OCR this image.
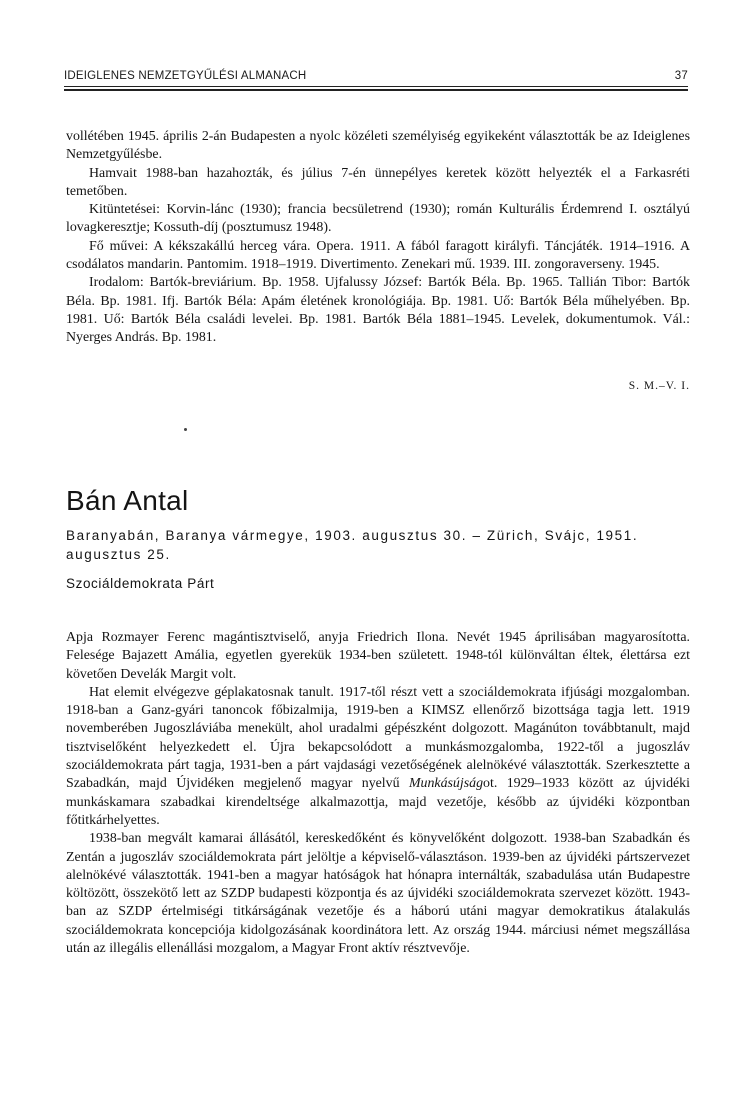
IDEIGLENES NEMZETGYŰLÉSI ALMANACH	37

vollétében 1945. április 2-án Budapesten a nyolc közéleti személyiség egyikeként választották be az Ideiglenes Nemzetgyűlésbe.

Hamvait 1988-ban hazahozták, és július 7-én ünnepélyes keretek között helyezték el a Farkasréti temetőben.

Kitüntetései: Korvin-lánc (1930); francia becsületrend (1930); román Kulturális Érdemrend I. osztályú lovagkeresztje; Kossuth-díj (posztumusz 1948).

Fő művei: A kékszakállú herceg vára. Opera. 1911. A fából faragott királyfi. Táncjáték. 1914–1916. A csodálatos mandarin. Pantomim. 1918–1919. Divertimento. Zenekari mű. 1939. III. zongoraverseny. 1945.

Irodalom: Bartók-breviárium. Bp. 1958. Ujfalussy József: Bartók Béla. Bp. 1965. Tallián Tibor: Bartók Béla. Bp. 1981. Ifj. Bartók Béla: Apám életének kronológiája. Bp. 1981. Uő: Bartók Béla műhelyében. Bp. 1981. Uő: Bartók Béla családi levelei. Bp. 1981. Bartók Béla 1881–1945. Levelek, dokumentumok. Vál.: Nyerges András. Bp. 1981.

S. M.–V. I.
Bán Antal

Baranyabán, Baranya vármegye, 1903. augusztus 30. – Zürich, Svájc, 1951. augusztus 25.

Szociáldemokrata Párt

Apja Rozmayer Ferenc magántisztviselő, anyja Friedrich Ilona. Nevét 1945 áprilisában magyarosította. Felesége Bajazett Amália, egyetlen gyerekük 1934-ben született. 1948-tól különváltan éltek, élettársa ezt követően Develák Margit volt.

Hat elemit elvégezve géplakatosnak tanult. 1917-től részt vett a szociáldemokrata ifjúsági mozgalomban. 1918-ban a Ganz-gyári tanoncok főbizalmija, 1919-ben a KIMSZ ellenőrző bizottsága tagja lett. 1919 novemberében Jugoszláviába menekült, ahol uradalmi gépészként dolgozott. Magánúton továbbtanult, majd tisztviselőként helyezkedett el. Újra bekapcsolódott a munkásmozgalomba, 1922-től a jugoszláv szociáldemokrata párt tagja, 1931-ben a párt vajdasági vezetőségének alelnökévé választották. Szerkesztette a Szabadkán, majd Újvidéken megjelenő magyar nyelvű Munkásújságot. 1929–1933 között az újvidéki munkáskamara szabadkai kirendeltsége alkalmazottja, majd vezetője, később az újvidéki központban főtitkárhelyettes.

1938-ban megvált kamarai állásától, kereskedőként és könyvelőként dolgozott. 1938-ban Szabadkán és Zentán a jugoszláv szociáldemokrata párt jelöltje a képviselő-választáson. 1939-ben az újvidéki pártszervezet alelnökévé választották. 1941-ben a magyar hatóságok hat hónapra internálták, szabadulása után Budapestre költözött, összekötő lett az SZDP budapesti központja és az újvidéki szociáldemokrata szervezet között. 1943-ban az SZDP értelmiségi titkárságának vezetője és a háború utáni magyar demokratikus átalakulás szociáldemokrata koncepciója kidolgozásának koordinátora lett. Az ország 1944. márciusi német megszállása után az illegális ellenállási mozgalom, a Magyar Front aktív résztvevője.
